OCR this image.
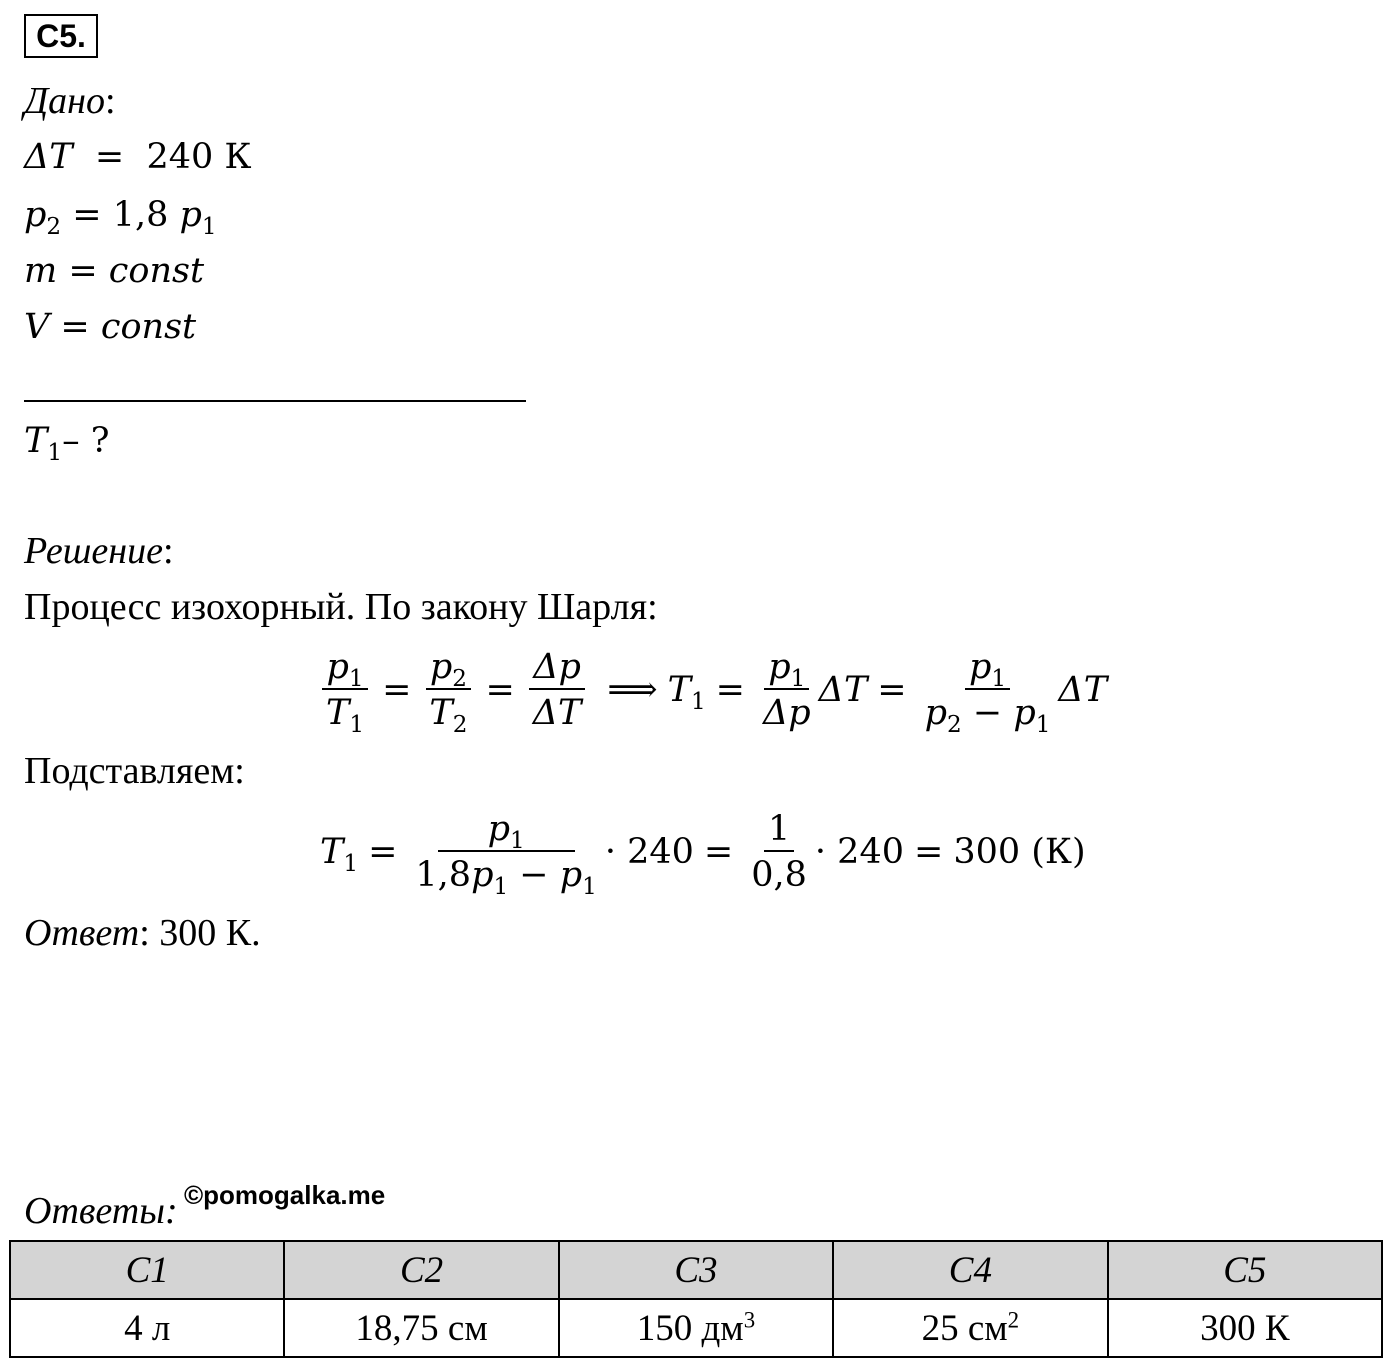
С5.
Дано:
ΔT  =  240 К
$p_2 = 1,8$ $p_1$
m = const
V = const
$T_1-$ ?
Решение:
Процесс изохорный. По закону Шарля:
$\frac{p_1}{T_1} = \frac{p_2}{T_2} = \frac{\Delta p}{\Delta T}$ ⟹ $T_1 = \frac{p_1}{\Delta p}$ $\Delta T = \frac{p_1}{p_2 - p_1}$ ΔT
Подставляем:
$T_1 = \frac{p_1}{1,8p_1 - p_1} \cdot 240 = \frac{1}{0,8} \cdot 240 = 300$ (К)
Ответ: 300 К.
Ответы: ©pomogalka.me
С1	С2	С3	С4	С5
4 л	18,75 см	150 $дм^3$	25 $см^2$	300 К
